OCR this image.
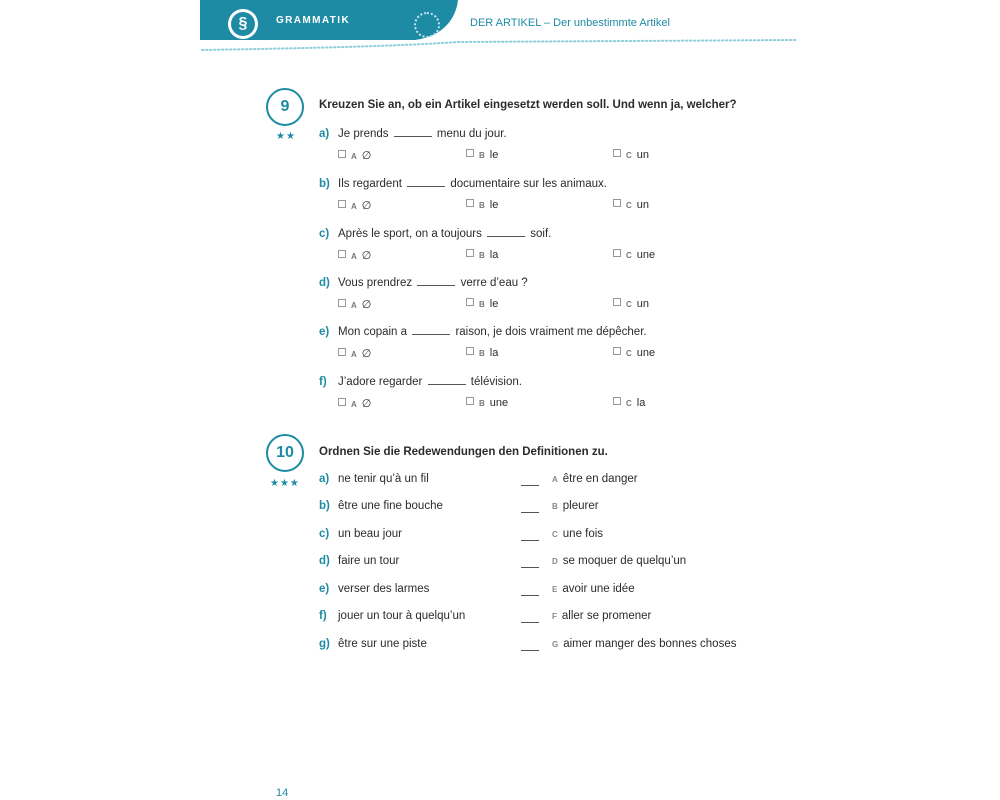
§	GRAMMATIK	DER ARTIKEL – Der unbestimmte Artikel
9
★★
Kreuzen Sie an, ob ein Artikel eingesetzt werden soll. Und wenn ja, welcher?
a) Je prends	menu du jour.
A ∅	B le	C un
b) Ils regardent	documentaire sur les animaux.
A ∅	B le	C un
c) Après le sport, on a toujours	soif.
A ∅	B la	C une
d) Vous prendrez	verre d’eau ?
A ∅	B le	C un
e) Mon copain a	raison, je dois vraiment me dépêcher.
A ∅	B la	C une
f) J’adore regarder	télévision.
A ∅	B une	C la
10
★★★
Ordnen Sie die Redewendungen den Definitionen zu.
a) ne tenir qu’à un fil	A être en danger
b) être une fine bouche	B pleurer
c) un beau jour	C une fois
d) faire un tour	D se moquer de quelqu’un
e) verser des larmes	E avoir une idée
f) jouer un tour à quelqu’un	F aller se promener
g) être sur une piste	G aimer manger des bonnes choses
14
